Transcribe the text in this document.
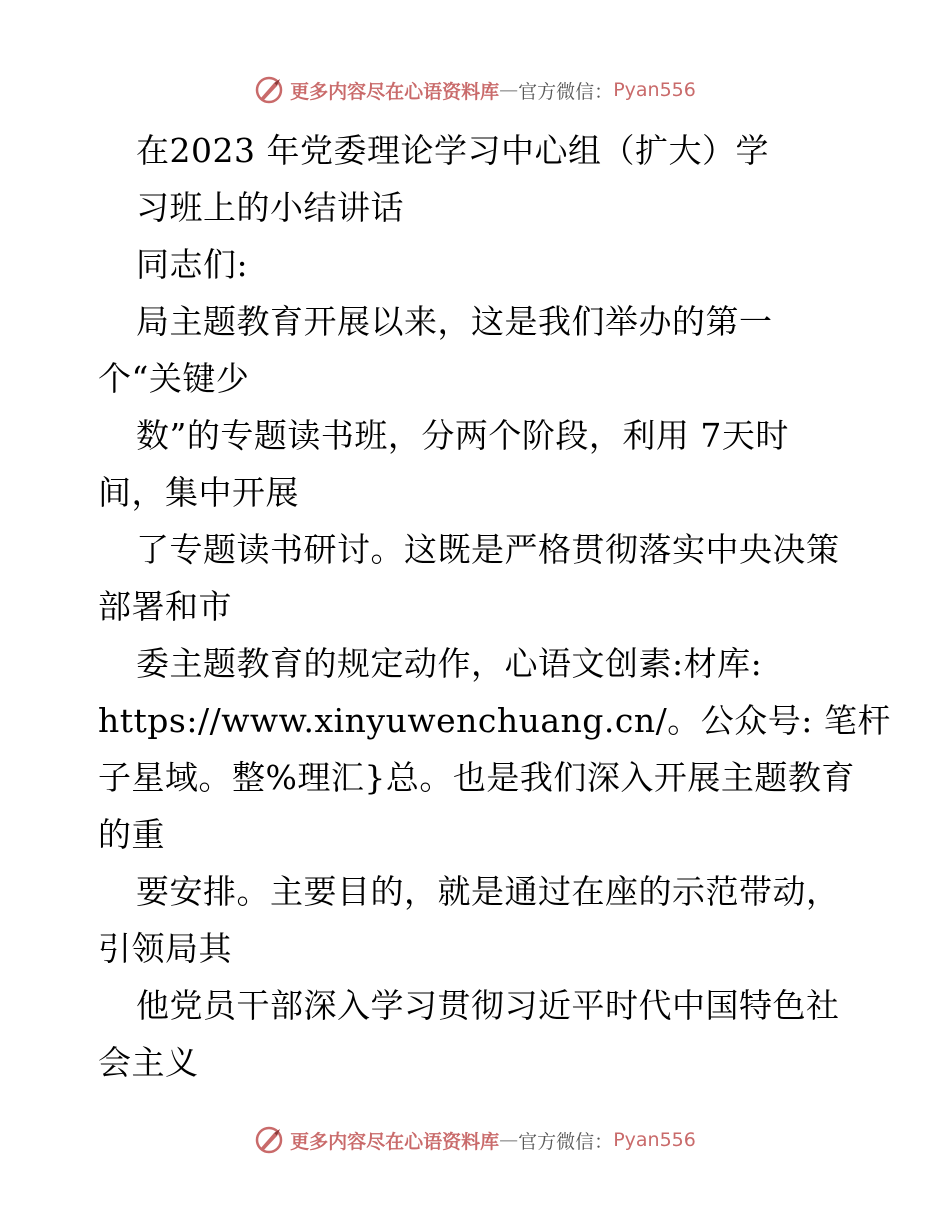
更多内容尽在心语资料库 — 官方微信： Pyan556
在2023 年党委理论学习中心组（扩大）学
习班上的小结讲话
同志们:
局主题教育开展以来，这是我们举办的第一
个“关键少
数”的专题读书班，分两个阶段，利用 7天时
间，集中开展
了专题读书研讨。这既是严格贯彻落实中央决策
部署和市
委主题教育的规定动作，心语文创素:材库:
https://www.xinyuwenchuang.cn/。公众号: 笔杆
子星域。整%理汇}总。也是我们深入开展主题教育
的重
要安排。主要目的，就是通过在座的示范带动，
引领局其
他党员干部深入学习贯彻习近平时代中国特色社
会主义
更多内容尽在心语资料库 — 官方微信： Pyan556
